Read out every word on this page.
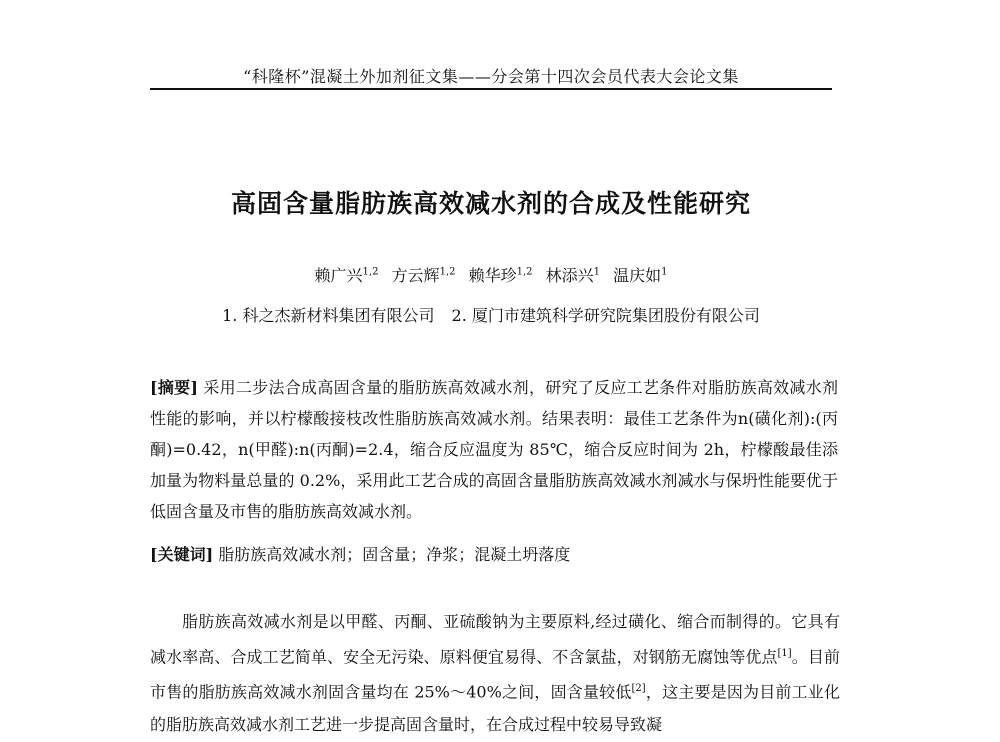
“科隆杯”混凝土外加剂征文集——分会第十四次会员代表大会论文集
高固含量脂肪族高效减水剂的合成及性能研究
赖广兴$^{1,2}$ 方云辉$^{1,2}$ 赖华珍$^{1,2}$ 林添兴$^1$ 温庆如$^1$
1. 科之杰新材料集团有限公司 2. 厦门市建筑科学研究院集团股份有限公司
[摘要] 采用二步法合成高固含量的脂肪族高效减水剂，研究了反应工艺条件对脂肪族高效减水剂性能的影响，并以柠檬酸接枝改性脂肪族高效减水剂。结果表明：最佳工艺条件为n(磺化剂):(丙酮)=0.42，n(甲醛):n(丙酮)=2.4，缩合反应温度为 85℃，缩合反应时间为 2h，柠檬酸最佳添加量为物料量总量的 0.2%，采用此工艺合成的高固含量脂肪族高效减水剂减水与保坍性能要优于低固含量及市售的脂肪族高效减水剂。
[关键词] 脂肪族高效减水剂；固含量；净浆；混凝土坍落度
脂肪族高效减水剂是以甲醛、丙酮、亚硫酸钠为主要原料,经过磺化、缩合而制得的。它具有减水率高、合成工艺简单、安全无污染、原料便宜易得、不含氯盐，对钢筋无腐蚀等优点[1]。目前市售的脂肪族高效减水剂固含量均在 25%～40%之间，固含量较低[2]，这主要是因为目前工业化的脂肪族高效减水剂工艺进一步提高固含量时，在合成过程中较易导致凝
